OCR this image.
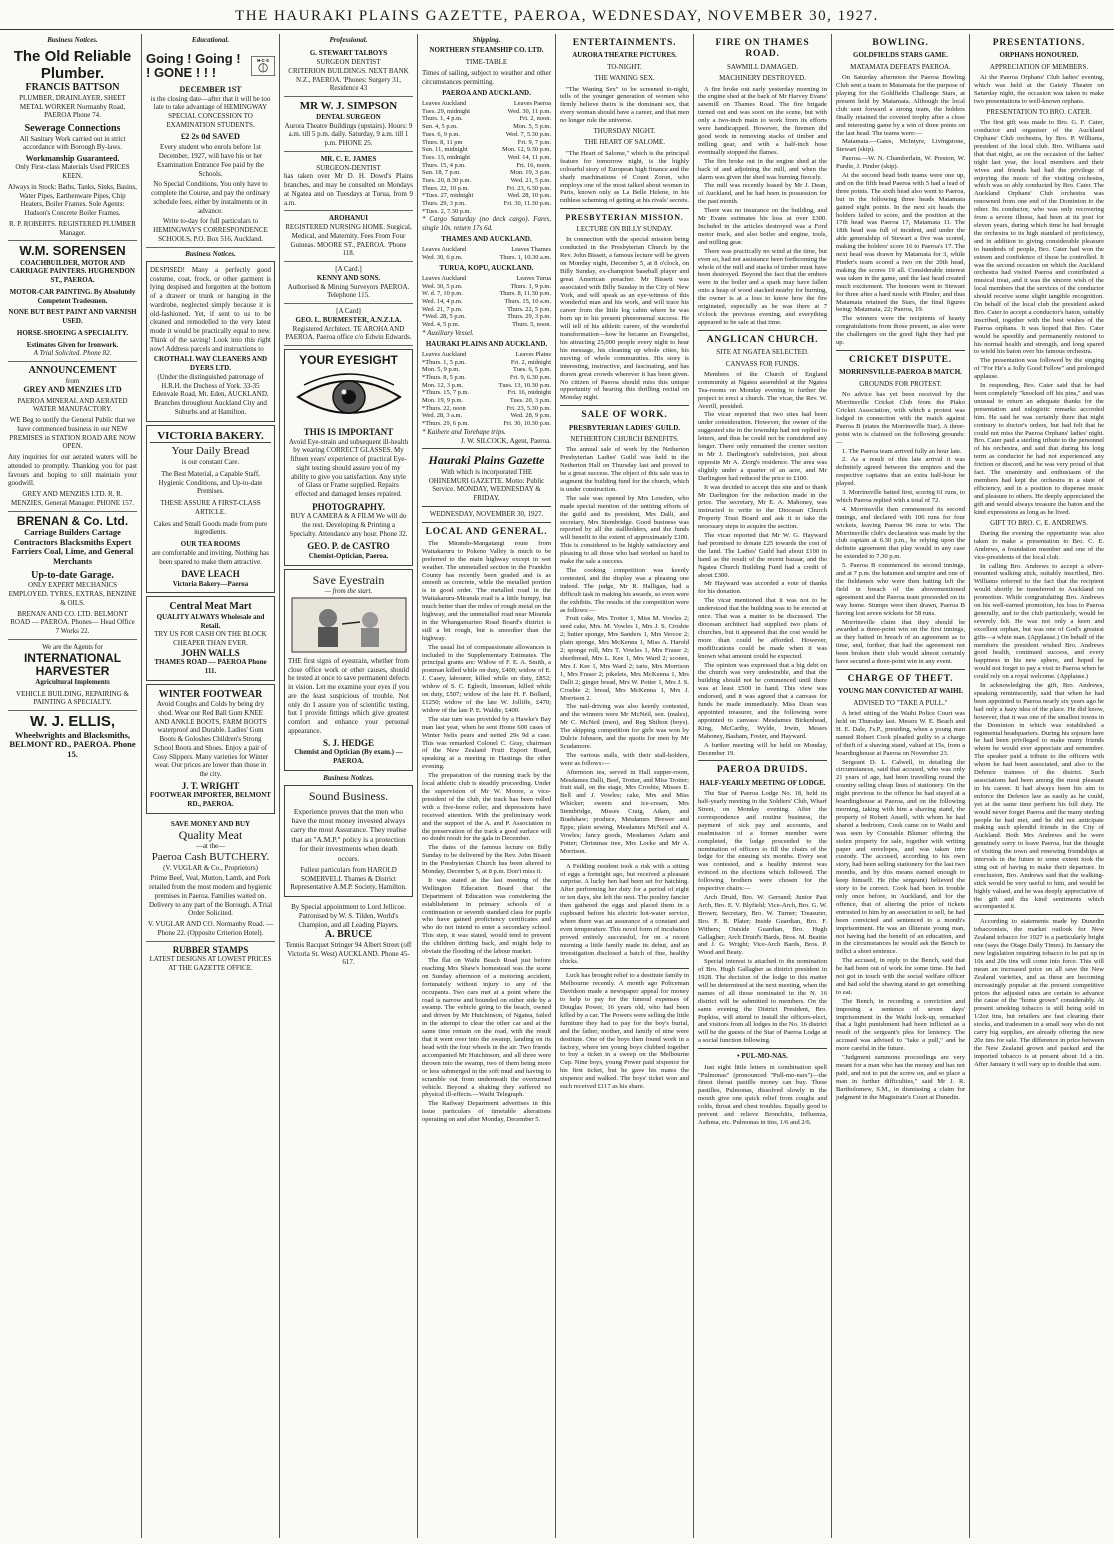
THE HAURAKI PLAINS GAZETTE, PAEROA, WEDNESDAY, NOVEMBER 30, 1927.
Business Notices.
The Old Reliable Plumber.
FRANCIS BATTSON
PLUMBER, DRAINLAYER, SHEET METAL WORKER Normanby Road, PAEROA Phone 74.
Sewerage Connections
All Sanitary Work carried out in strict accordance with Borough By-laws.
Workmanship Guaranteed.
Only First-class Materials Used PRICES KEEN.
Always in Stock: Baths, Tanks, Sinks, Basins, Water Pipes, Earthenware Pipes, Chip Heaters, Boiler Frames. Sole Agents: Hudson's Concrete Boiler Frames.
R. P. ROBERTS. REGISTERED PLUMBER Manager.
W.M. SORENSEN
COACHBUILDER, MOTOR AND CARRIAGE PAINTERS. HUGHENDON ST., PAEROA.
MOTOR-CAR PAINTING. By Absolutely Competent Tradesmen.
NONE BUT BEST PAINT AND VARNISH USED.
HORSE-SHOEING A SPECIALITY.
Estimates Given for Ironwork.
A Trial Solicited. Phone 82.
ANNOUNCEMENT
from
GREY AND MENZIES LTD
PAEROA MINERAL AND AERATED WATER MANUFACTORY.
WE Beg to notify the General Public that we have commenced business in our NEW PREMISES in STATION ROAD ARE NOW OPEN.
Any inquiries for our aerated waters will be attended to promptly. Thanking you for past favours and hoping to still maintain your goodwill.
GREY AND MENZIES LTD. R. R. MENZIES, General Manager. PHONE 157.
BRENAN & Co. Ltd.
Carriage Builders Cartage Contractors Blacksmiths Expert Farriers Coal, Lime, and General Merchants
Up-to-date Garage.
ONLY EXPERT MECHANICS EMPLOYED. TYRES, EXTRAS, BENZINE & OILS.
BRENAN AND CO. LTD. BELMONT ROAD — PAEROA. Phones— Head Office 7 Works 22.
We are the Agents for
INTERNATIONAL HARVESTER
Agricultural Implements
VEHICLE BUILDING, REPAIRING & PAINTING A SPECIALTY.
W. J. ELLIS,
Wheelwrights and Blacksmiths, BELMONT RD., PAEROA. Phone 15.
Educational.
Going ! Going ! ! GONE ! ! !
H·C·S
DECEMBER 1ST
is the closing date—after that it will be too late to take advantage of HEMINGWAY SPECIAL CONCESSION TO EXAMINATION STUDENTS.
£2 2s 0d SAVED
Every student who enrols before 1st December, 1927, will have his or her Examination Entrance Fee paid by the Schools.
No Special Conditions. You only have to complete the Course, and pay the ordinary schedule fees, either by instalments or in advance.
Write to-day for full particulars to HEMINGWAY'S CORRESPONDENCE SCHOOLS, P.O. Box 516, Auckland.
Business Notices.
DESPISED! Many a perfectly good costume, coat, frock, or other garment is lying despised and forgotten at the bottom of a drawer or trunk or hanging in the wardrobe, neglected simply because it is old-fashioned. Yet, if sent to us to be cleaned and remodelled to the very latest mode it would be practically equal to new. Think of the saving! Look into this right now! Address parcels and instructions to
CROTHALL WAY CLEANERS AND DYERS LTD.
(Under the distinguished patronage of H.R.H. the Duchess of York. 33-35 Edenvale Road, Mt. Eden, AUCKLAND. Branches throughout Auckland City and Suburbs and at Hamilton.
VICTORIA BAKERY.
Your Daily Bread
is our constant Care.
The Best Material, a Capable Staff, Hygienic Conditions, and Up-to-date Premises.
THESE ASSURE A FIRST-CLASS ARTICLE.
Cakes and Small Goods made from pure ingredients.
OUR TEA ROOMS
are comfortable and inviting. Nothing has been spared to make them attractive.
DAVE LEACH
Victoria Bakery—Paeroa
Central Meat Mart
QUALITY ALWAYS Wholesale and Retail.
TRY US FOR CASH ON THE BLOCK CHEAPER THAN EVER.
JOHN WALLS
THAMES ROAD — PAEROA Phone 111.
WINTER FOOTWEAR
Avoid Coughs and Colds by being dry shod. Wear our Red Ball Gum KNEE AND ANKLE BOOTS, FARM BOOTS waterproof and Durable. Ladies' Gum Boots & Goloshes Children's Strong School Boots and Shoes. Enjoy a pair of Cosy Slippers. Many varieties for Winter wear. Our prices are lower than those in the city.
J. T. WRIGHT
FOOTWEAR IMPORTER, BELMONT RD., PAEROA.
SAVE MONEY AND BUY
Quality Meat
—at the—
Paeroa Cash BUTCHERY.
(V. VUGLAR & Co., Proprietors)
Prime Beef, Veal, Mutton, Lamb, and Pork retailed from the most modern and hygienic premises in Paeroa. Families waited on. Delivery to any part of the Borough. A Trial Order Solicited.
V. VUGLAR AND CO. Normanby Road. — Phone 22. (Opposite Criterion Hotel).
RUBBER STAMPS
LATEST DESIGNS AT LOWEST PRICES AT THE GAZETTE OFFICE.
Professional.
G. STEWART TALBOYS
SURGEON DENTIST
CRITERION BUILDINGS. NEXT BANK N.Z., PAEROA. 'Phones: Surgery 31, Residence 43
MR W. J. SIMPSON
DENTAL SURGEON
Aurora Theatre Buildings (upstairs). Hours: 9 a.m. till 5 p.m. daily. Saturday, 9 a.m. till 1 p.m. PHONE 25.
MR. C. E. JAMES
SURGEON-DENTIST
has taken over Mr D. H. Dowd's Plains branches, and may be consulted on Mondays at Ngatea and on Tuesdays at Turua, from 9 a.m.
AROHANUI
REGISTERED NURSING HOME. Surgical, Medical, and Maternity. Fees From Four Guineas. MOORE ST., PAEROA. 'Phone 118.
[A Card.]
KENNY AND SONS.
Authorised & Mining Surveyors PAEROA. Telephone 115.
[A Card]
GEO. L. BURMESTER, A.N.Z.I.A.
Registered Architect. TE AROHA AND PAEROA. Paeroa office c/o Edwin Edwards.
YOUR EYESIGHT
THIS IS IMPORTANT
Avoid Eye-strain and subsequent ill-health by wearing CORRECT GLASSES. My fifteen years' experience of practical Eye-sight testing should assure you of my ability to give you satisfaction. Any style of Glass or Frame supplied. Repairs effected and damaged lenses repaired.
PHOTOGRAPHY.
BUY A CAMERA & A FILM We will do the rest. Developing & Printing a Specialty. Attendance any hour. Phone 32.
GEO. P. de CASTRO
Chemist-Optician, Paeroa.
Save Eyestrain
— from the start.
THE first signs of eyestrain, whether from close office work or other causes, should be tested at once to save permanent defects in vision. Let me examine your eyes if you are the least suspicious of trouble. Not only do I assure you of scientific testing, but I provide fittings which give greatest comfort and enhance your personal appearance.
S. J. HEDGE
Chemist and Optician (By exam.) — PAEROA.
Business Notices.
Sound Business.
Experience proves that the men who have the most money invested always carry the most Assurance. They realise that an "A.M.P." policy is a protection for their investments when death occurs.
Fullest particulars from HAROLD SOMERVELL Thames & District Representative A.M.P. Society, Hamilton.
By Special appointment to Lord Jellicoe. Patronised by W. S. Tilden, World's Champion, and all Leading Players.
A. BRUCE
Tennis Racquet Stringer 94 Albert Street (off Victoria St. West) AUCKLAND. Phone 45-617.
Shipping.
NORTHERN STEAMSHIP CO. LTD.
TIME-TABLE
Times of sailing, subject to weather and other circumstances permitting.
PAEROA AND AUCKLAND.
Leaves Auckland	Leaves Paeroa
Tues. 29, midnight	Wed. 30, 11 p.m.
Thurs. 1, 4 p.m.	Fri. 2, noon.
Sun. 4, 5 p.m.	Mon. 5, 5 p.m.
Tues. 6, 9 p.m.	Wed. 7, 5.30 p.m.
Thurs. 8, 11 pm	Fri. 9, 7 p.m.
Sun. 11, midnight	Mon. 12, 9.30 p.m.
Tues. 13, midnight	Wed. 14, 11 p.m.
Thurs. 15, 4 p.m.	Fri. 16, noon.
Sun. 18, 7 p.m.	Mon. 19, 3 p.m.
Tues. 20, 8.30 p.m.	Wed. 21, 5 p.m.
Thurs. 22, 10 p.m.	Fri. 23, 6.30 p.m.
*Tues. 27, midnight	Wed. 28, 10 p.m.
Thurs. 29, 3 p.m.	Fri. 30, 11.30 p.m.
*Tues. 2, 7.30 p.m.
* Cargo Saturday (no deck cargo). Fares, single 10s. return 17s 6d.
THAMES AND AUCKLAND.
Leaves Auckland	Leaves Thames
Wed. 30, 6 p.m.	Thurs. 1, 10.30 a.m.
TURUA, KOPU, AUCKLAND.
Leaves Auckland	Leaves Turua
Wed. 30, 5 p.m.	Thurs. 1, 9 p.m.
W. d. 7, 10 p.m.	Thurs. 8, 11.30 p.m.
Wed. 14, 4 p.m.	Thurs. 15, 10 a.m.
Wed. 21, 7 p.m.	Thurs. 22, 5 p.m.
*Wed. 28, 5 p.m.	Thurs. 29, 3 p.m.
Wed. 4, 5 p.m.	Thurs. 5, noon.
* Auxiliary Vessel.
HAURAKI PLAINS AND AUCKLAND.
Leaves Auckland	Leaves Plains
*Thurs. 1, 5 p.m.	Fri. 2, midnight
Mon. 5, 9 p.m.	Tues. 6, 5 p.m.
*Thurs. 8, 5 p.m.	Fri. 9, 6.30 p.m.
Mon. 12, 3 p.m.	Tues. 13, 10.30 p.m.
*Thurs. 15, 7 p.m.	Fri. 16, midnight
Mon. 19, 9 p.m.	Tues. 20, 3 p.m.
*Thurs. 22, noon	Fri. 23, 5.30 p.m.
Wed. 28, 3 a.m.	Wed. 28, 9 p.m.
*Thurs. 29, 6 p.m.	Fri. 30, 10.30 p.m.
* Kaihere and Torehape trips.
J. W. SILCOCK, Agent, Paeroa.
Hauraki Plains Gazette
With which is incorporated THE OHINEMURI GAZETTE. Motto: Public Service. MONDAY, WEDNESDAY & FRIDAY.
WEDNESDAY, NOVEMBER 30, 1927.
LOCAL AND GENERAL.

The Mirando-Mangatangi route from Waitakaruru to Pokeno Valley is much to be preferred to the main highway except in wet weather. The unmetalled section in the Franklin County has recently been graded and is as smooth as concrete, while the metalled portion is in good order. The metalled road in the Waitakaruru-Miranda road is a little bumpy, but much better than the miles of rough metal on the highway, and the unmetalled road near Miranda in the Whangamarino Road Board's district is still a bit rough, but is smoother than the highway.

The usual list of compassionate allowances is included in the Supplementary Estimates. The principal grants are: Widow of F. E. A. Smith, a postman killed while on duty, £400; widow of E. J. Casey, labourer, killed while on duty, £852; widow of S. C. Egleoli, linesman, killed while on duty, £507; widow of the late H. F. Bollard, £1250; widow of the late W. Jolliffe, £470; widow of the late P. E. Waldie, £400.

The star turn was provided by a Hawke's Bay man last year, when he sent Home 600 cases of Winter Nelis pears and netted 29s 9d a case. This was remarked Colonel C. Gray, chairman of the New Zealand Fruit Export Board, speaking at a meeting in Hastings the other evening.

The preparation of the running track by the local athletic club is steadily proceeding. Under the supervision of Mr W. Moore, a vice-president of the club, the track has been rolled with a five-horse roller, and depressions have received attention. With the preliminary work and the support of the A. and P. Association in the preservation of the track a good surface will no doubt result for the gala in December.

The dates of the famous lecture on Billy Sunday to be delivered by the Rev. John Bissett in the Presbyterian Church has been altered to Monday, December 5, at 8 p.m. Don't miss it.

It was stated at the last meeting of the Wellington Education Board that the Department of Education was considering the establishment in primary schools of a continuation or seventh standard class for pupils who have gained proficiency certificates and who do not intend to enter a secondary school. This step, it was stated, would tend to prevent the children drifting back, and might help to obviate the flooding of the labour market.

The flat on Waihi Beach Road just before reaching Mrs Shaw's homestead was the scene on Sunday afternoon of a motoring accident, fortunately without injury to any of the occupants. Two cars met at a point where the road is narrow and bounded on either side by a swamp. The vehicle going to the beach, owned and driven by Mr Hutchinson, of Ngatea, failed in the attempt to clear the other car and at the same time remain on the road, with the result that it went over into the swamp, landing on its head with the four wheels in the air. Two friends accompanied Mr Hutchinson, and all three were thrown into the swamp, two of them being more or less submerged in the soft mud and having to scramble out from underneath the overturned vehicle. Beyond a shaking they suffered no physical ill-effects.—Waihi Telegraph.

The Railway Department advertises in this issue particulars of timetable alterations operating on and after Monday, December 5.

ENTERTAINMENTS.
AURORA THEATRE PICTURES.
TO-NIGHT.
THE WANING SEX.

"The Waning Sex" to be screened to-night, tells of the younger generation of women who firmly believe theirs is the dominant sex, that every woman should have a career, and that men no longer rule the universe.

THURSDAY NIGHT.
THE HEART OF SALOME.

"The Heart of Salome," which is the principal feature for tomorrow night, is the highly colourful story of European high finance and the shady machinations of Count Zoron, who employs one of the most talked about women in Paris, known only as La Belle Helene, in his ruthless scheming of getting at his rivals' secrets.

PRESBYTERIAN MISSION.
LECTURE ON BILLY SUNDAY.

In connection with the special mission being conducted in the Presbyterian Church by the Rev. John Bissett, a famous lecture will be given on Monday night, December 5, at 8 o'clock, on Billy Sunday, ex-champion baseball player and great American preacher. Mr Bissett was associated with Billy Sunday in the City of New York, and will speak as an eye-witness of this wonderful man and his work, and will trace his career from the little log cabin where he was born up to his present phenomenal success. He will tell of his athletic career, of the wonderful transformation—how he became an Evangelist, his attracting 25,000 people every night to hear his message, his cleaning up whole cities, his moving of whole communities. His story is interesting, instructive, and fascinating, and has drawn great crowds wherever it has been given. No citizen of Paeroa should miss this unique opportunity of hearing this thrilling recital on Monday night.

SALE OF WORK.
PRESBYTERIAN LADIES' GUILD.
NETHERTON CHURCH BENEFITS.

The annual sale of work by the Netherton Presbyterian Ladies' Guild was held in the Netherton Hall on Thursday last and proved to be a great success. The object of this sale was to augment the building fund for the church, which is under construction.

The sale was opened by Mrs Lowden, who made special mention of the untiring efforts of the guild and its president, Mrs Dalli, and secretary, Mrs Stembridge. Good business was reported by all the stallholders, and the funds will benefit to the extent of approximately £100. This is considered to be highly satisfactory and pleasing to all those who had worked so hard to make the sale a success.

The cooking competition was keenly contested, and the display was a pleasing one indeed. The judge, Mr R. Halligan, had a difficult task in making his awards, so even were the exhibits. The results of the competition were as follows:—

Fruit cake, Mrs Trotter 1, Miss M. Vowles 2; seed cake, Mrs. M. Vowles 1, Mrs J. S. Crosbie 2; butter sponge, Mrs Sanders 1, Mrs Vercoe 2; plain sponge, Mrs McKenna 1, Miss A. Harold 2; sponge roll, Mrs T. Vowles 1, Mrs Fraser 2; shortbread, Mrs L. Kee 1, Mrs Ward 2; scones, Mrs J. Kee 1, Mrs Ward 2; tarts, Mrs Morrison 1, Mrs Fraser 2; pikelets, Mrs McKenna 1, Mrs Dalli 2; ginger bread, Mrs W. Potter 1, Mrs J. S. Crosbie 2; bread, Mrs McKenna 1, Mrs J. Morrison 2.

The nail-driving was also keenly contested, and the winners were Mr McNeil, sen. (males), Mr C. McNeil (men), and Reg Shilton (boys). The skipping competition for girls was won by Dulcie Johnson, and the quoits for men by Mr Scudamore.

The various stalls, with their stall-holders, were as follows:—

Afternoon tea, served in Hall supper-room, Mesdames Dalli, Beel, Trotter, and Miss Trotter; fruit stall, on the stage, Mrs Crosbie, Misses E. Bell and J. Vowles; cake, Mrs and Miss Whicker; sweets and ice-cream, Mrs Stembridge, Misses Craig, Adam, and Bradshaw; produce, Mesdames Brewer and Epps; plain sewing, Mesdames McNeil and A. Vowles; fancy goods, Mesdames Adam and Potter; Christmas tree, Mrs Locke and Mr A. Morrison.

A Feilding resident took a risk with a sitting of eggs a fortnight ago, but received a pleasant surprise. A lucky hen had been set for hatching. After performing her duty for a period of eight or ten days, she left the nest. The poultry fancier then gathered the eggs and placed them in a cupboard before his electric hot-water service, where there was an assurance of a constant and even temperature. This novel form of incubation proved entirely successful, for on a recent morning a little family made its debut, and an investigation disclosed a batch of fine, healthy chicks.

Luck has brought relief to a destitute family in Melbourne recently. A month ago Policeman Davidson made a newspaper appeal for money to help to pay for the funeral expenses of Douglas Power, 16 years old, who had been killed by a car. The Powers were selling the little furniture they had to pay for the boy's burial, and the father, mother, and family of nine were destitute. One of the boys then found work in a factory, where ten young boys clubbed together to buy a ticket in a sweep on the Melbourne Cup. Nine boys, young Power paid sixpence for his first ticket, but he gave his mates the sixpence and walked. The boys' ticket won and each received £117 as his share.

FIRE ON THAMES ROAD.
SAWMILL DAMAGED.
MACHINERY DESTROYED.

A fire broke out early yesterday morning in the engine shed at the back of Mr Harvey Evans' sawmill on Thames Road. The fire brigade turned out and was soon on the scene, but with only a two-inch main to work from its efforts were handicapped. However, the firemen did good work in removing stacks of timber and milling gear, and with a half-inch hose eventually stopped the flames.

The fire broke out in the engine shed at the back of and adjoining the mill, and when the alarm was given the shed was burning fiercely.

The mill was recently leased by Mr J. Dean, of Auckland, and he had been in possession for the past month.

There was no insurance on the building, and Mr Evans estimates his loss at over £300. Included in the articles destroyed was a Ford motor truck, and also boiler and engine, tools, and milling gear.

There was practically no wind at the time, but even so, had not assistance been forthcoming the whole of the mill and stacks of timber must have been destroyed. Beyond the fact that the embers were in the boiler and a spark may have fallen onto a heap of wood stacked nearby for burning, the owner is at a loss to know how the fire originated, especially as he was there at 7 o'clock the previous evening, and everything appeared to be safe at that time.

ANGLICAN CHURCH.
SITE AT NGATEA SELECTED.
CANVASS FOR FUNDS.

Members of the Church of England community at Ngatea assembled at the Ngatea Tea-rooms on Monday evening to further the project to erect a church. The vicar, the Rev. W. Averill, presided.

The vicar reported that two sites had been under consideration. However, the owner of the suggested site in the township had not replied to letters, and thus he could not be considered any longer. There only remained the corner section in Mr J. Darlington's subdivision, just about opposite Mr A. Ziorg's residence. The area was slightly under a quarter of an acre, and Mr Darlington had reduced the price to £100.

It was decided to accept this site and to thank Mr Darlington for the reduction made in the price. The secretary, Mr E. A. Mahoney, was instructed to write to the Diocesan Church Property Trust Board and ask it to take the necessary steps to acquire the section.

The vicar reported that Mr W. G. Hayward had promised to donate £25 towards the cost of the land. The Ladies' Guild had about £100 in hand as the result of the recent bazaar, and the Ngatea Church Building Fund had a credit of about £300.

Mr Hayward was accorded a vote of thanks for his donation.

The vicar mentioned that it was not to be understood that the building was to be erected at once. That was a matter to be discussed. The diocesan architect had supplied two plans of churches, but it appeared that the cost would be more than could be afforded. However, modifications could be made when it was known what amount could be expected.

The opinion was expressed that a big debt on the church was very undesirable, and that the building should not be commenced until there was at least £500 in hand. This view was endorsed, and it was agreed that a canvass for funds be made immediately. Miss Dean was appointed treasurer, and the following were appointed to canvass: Mesdames Birkenhead, King, McCarthy, Wylde, Irwin, Messrs Mahoney, Basham, Foster, and Hayward.

A further meeting will be held on Monday, December 19.

PAEROA DRUIDS.
HALF-YEARLY MEETING OF LODGE.

The Star of Paeroa Lodge No. 18, held its half-yearly meeting in the Soldiers' Club, Wharf Street, on Monday evening. After the correspondence and routine business, the payment of sick pay and accounts, and readmission of a former member were completed, the lodge proceeded to the nomination of officers to fill the chairs of the lodge for the ensuing six months. Every seat was contested, and a healthy interest was evinced in the elections which followed. The following brothers were chosen for the respective chairs:—

Arch Druid, Bro. W. Gerrand; Junior Past Arch, Bro. E. V. Blyfield; Vice-Arch, Bro. G. W. Brown; Secretary, Bro. W. Turner; Treasurer, Bro. F. B. Plater; Inside Guardian, Bro. F. Withers; Outside Guardian, Bro. Hugh Gallagher; Arch Druid's Bards, Bros. M. Beattie and J. G. Wright; Vice-Arch Bards, Bros. P. Wood and Beaty.

Special interest is attached to the nomination of Bro. Hugh Gallagher as district president in 1928. The decision of the lodge in this matter will be determined at the next meeting, when the names of all those nominated in the N. 16 district will be submitted to members. On the same evening the District President, Bro. Popkiss, will attend to install the officers-elect, and visitors from all lodges in the No. 16 district will be the guests of the Star of Paeroa Lodge at a social function following.

• PUL-MO-NAS.

Just eight little letters in combination spell "Pulmonas" (pronounced "Pull-mo-nars")—the finest throat pastille money can buy. These pastilles, Pulmonas, dissolved slowly in the mouth give one quick relief from coughs and colds, throat and chest troubles. Equally good to prevent and relieve Bronchitis, Influenza, Asthma, etc. Pulmonas in tins, 1/6 and 2/6.

BOWLING.
GOLDFIELDS STARS GAME.
MATAMATA DEFEATS PAEROA.

On Saturday afternoon the Paeroa Bowling Club sent a team to Matamata for the purpose of playing for the Goldfields Challenge Stars, at present held by Matamata. Although the local club sent forward a strong team, the holders finally retained the coveted trophy after a close and interesting game by a win of three points on the last head. The teams were:—

Matamata.—Gates, McIntyre, Livingstone, Stewart (skip).

Paeroa.—W. N. Chamberlain, W. Preston, W. Purdie, J. Pinder (skip).

At the second head both teams were one up, and on the fifth head Paeroa with 5 had a lead of three points. The sixth head also went to Paeroa, but in the following three heads Matamata gained eight points. In the next six heads the holders failed to score, and the position at the 17th head was Paeroa 17, Matamata 11. The 18th head was full of incident, and under the able generalship of Stewart a five was scored, making the holders' score 16 to Paeroa's 17. The next head was drawn by Matamata for 3, while Pinder's team scored a two on the 20th head, making the scores 19 all. Considerable interest was taken in the game, and the last head created much excitement. The honours went to Stewart for three after a hard tussle with Pinder, and thus Matamata retained the Stars, the final figures being: Matamata, 22; Paeroa, 19.

The winners were the recipients of hearty congratulations from those present, as also were the challengers on the good fight they had put up.

CRICKET DISPUTE.
MORRINSVILLE-PAEROA B MATCH.
GROUNDS FOR PROTEST.

No advice has yet been received by the Morrinsville Cricket Club from the Piako Cricket Association, with which a protest was lodged in connection with the match against Paeroa B (states the Morrinsville Star). A three-point win is claimed on the following grounds:—

1. The Paeroa team arrived fully an hour late.

2. As a result of this late arrival it was definitely agreed between the umpires and the respective captains that an extra half-hour be played.

3. Morrinsville batted first, scoring 61 runs, to which Paeroa replied with a total of 72.

4. Morrinsville then commenced its second innings, and declared with 106 runs for four wickets, leaving Paeroa 96 runs to win. The Morrinsville club's declaration was made by the club captain at 6.30 p.m., he relying upon the definite agreement that play would in any case be extended to 7.30 p.m.

5. Paeroa B commenced its second innings, and at 7 p.m. the batsmen and umpire and one of the fieldsmen who were then batting left the field in breach of the abovementioned agreement and the Paeroa team proceeded on its way home. Stumps were then drawn, Paeroa B having lost seven wickets for 58 runs.

Morrinsville claim that they should be awarded a three-point win on the first innings, as they batted in breach of an agreement as to time, and, further, that had the agreement not been broken their club would almost certainly have secured a three-point win in any event.

CHARGE OF THEFT.
YOUNG MAN CONVICTED AT WAIHI.
ADVISED TO "TAKE A PULL."

A brief sitting of the Waihi Police Court was held on Thursday last. Messrs W. E. Beach and H. E. Dale, J's.P., presiding, when a young man named Robert Cook pleaded guilty to a charge of theft of a shaving stand, valued at 15s, from a boardinghouse at Paeroa on November 23.

Sergeant D. L. Calwell, in detailing the circumstances, said that accused, who was only 21 years of age, had been travelling round the country selling cheap lines of stationery. On the night previous to the offence he had stayed at a boardinghouse at Paeroa, and on the following morning, taking with him a shaving stand, the property of Robert Ansell, with whom he had shared a bedroom, Cook came on to Waihi and was seen by Constable Blumer offering the stolen property for sale, together with writing paper and envelopes, and was taken into custody. The accused, according to his own story, had been selling stationery for the last two months, and by this means earned enough to keep himself. He (the sergeant) believed the story to be correct. Cook had been in trouble only once before, in Auckland, and for the offence, that of altering the price of tickets entrusted to him by an association to sell, he had been convicted and sentenced to a month's imprisonment. He was an illiterate young man, not having had the benefit of an education, and in the circumstances he would ask the Bench to inflict a short sentence.

The accused, in reply to the Bench, said that he had been out of work for some time. He had not got in touch with the social welfare officer and had sold the shaving stand to get something to eat.

The Bench, in recording a conviction and imposing a sentence of seven days' imprisonment in the Waihi lock-up, remarked that a light punishment had been inflicted as a result of the sergeant's plea for leniency. The accused was advised to "take a pull," and be more careful in the future.

"Judgment summons proceedings are very meant for a man who has the money and has not paid, and not to put the screw on, and so place a man in further difficulties," said Mr J. R. Bartholomew, S.M., in dismissing a claim for judgment in the Magistrate's Court at Dunedin.

PRESENTATIONS.
ORPHANS HONOURED.
APPRECIATION OF MEMBERS.

At the Paeroa Orphans' Club ladies' evening, which was held at the Gaiety Theatre on Saturday night, the occasion was taken to make two presentations to well-known orphans.

PRESENTATION TO BRO. CATER.

The first gift was made to Bro. G. F. Cater, conductor and organiser of the Auckland Orphans' Club orchestra, by Bro. P. Williams, president of the local club. Bro. Williams said that that night, as on the occasion of the ladies' night last year, the local members and their wives and friends had had the privilege of enjoying the music of the visiting orchestra, which was so ably conducted by Bro. Cater. The Auckland Orphans' Club orchestra was renowned from one end of the Dominion to the other. Its conductor, who was only recovering from a severe illness, had been at its post for eleven years, during which time he had brought the orchestra to its high standard of proficiency, and in addition to giving considerable pleasure to hundreds of people, Bro. Cater had won the esteem and confidence of those he controlled. It was the second occasion on which the Auckland orchestra had visited Paeroa and contributed a musical treat, and it was the sincere wish of the local members that the services of the conductor should receive some slight tangible recognition. On behalf of the local club the president asked Bro. Cater to accept a conductor's baton, suitably inscribed, together with the best wishes of the Paeroa orphans. It was hoped that Bro. Cater would be speedily and permanently restored to his normal health and strength, and long spared to wield his baton over his famous orchestra.

The presentation was followed by the singing of "For He's a Jolly Good Fellow" and prolonged applause.

In responding, Bro. Cater said that he had been completely "knocked off his pins," and was unusual to return an adequate thanks for the presentation and eulogistic remarks accorded him. He said he was certainly there that night contrary to doctor's orders, but had felt that he could not miss the Paeroa Orphans' ladies' night. Bro. Cater paid a sterling tribute to the personnel of his orchestra, and said that during his long term as conductor he had not experienced any friction or discord, and he was very proud of that fact. The unanimity and enthusiasm of the members had kept the orchestra in a state of efficiency, and in a position to dispense music and pleasure to others. He deeply appreciated the gift and would always treasure the baton and the kind expressions as long as he lived.

GIFT TO BRO. C. E. ANDREWS.

During the evening the opportunity was also taken to make a presentation to Bro. C. E. Andrews, a foundation member and one of the vice-presidents of the local club.

In calling Bro. Andrews to accept a silver-mounted walking stick, suitably inscribed, Bro. Williams referred to the fact that the recipient would shortly be transferred to Auckland on promotion. While congratulating Bro. Andrews on his well-earned promotion, his loss to Paeroa generally, and to the club particularly, would be severely felt. He was not only a keen and excellent orphan, but was one of God's greatest gifts—a white man. (Applause.) On behalf of the members the president wished Bro. Andrews good health, continued success, and every happiness in his new sphere, and hoped he would not forget to pay a visit to Paeroa when he could rely on a royal welcome. (Applause.)

In acknowledging the gift, Bro. Andrews, speaking reminiscently, said that when he had been appointed to Paeroa nearly six years ago he had only a hazy idea of the place. He did know, however, that it was one of the smallest towns in the Dominion in which was established a regimental headquarters. During his sojourn here he had been privileged to make many friends whom he would ever appreciate and remember. The speaker paid a tribute to the officers with whom he had been associated, and also to the Defence trainees of the district. Such associations had been among the most pleasant in his career. It had always been his aim to enforce the Defence law as easily as he could, yet at the same time perform his full duty. He would never forget Paeroa and the many sterling people he had met, and he did not anticipate making such splendid friends in the City of Auckland. Both Mrs Andrews and he were genuinely sorry to leave Paeroa, but the thought of visiting the town and renewing friendships at intervals in the future to some extent took the sting out of having to make their departure. In conclusion, Bro. Andrews said that the walking-stick would be very useful to him, and would be highly valued, and he was deeply appreciative of the gift and the kind sentiments which accompanied it.

According to statements made by Dunedin tobacconists, the market outlook for New Zealand tobacco for 1927 is a particularly bright one (says the Otago Daily Times). In January the new legislation requiring tobacco to be put up in 10s and 20s tins will come into force. This will mean an increased price on all save the New Zealand varieties, and as these are becoming increasingly popular at the present competitive prices the adjusted rates are certain to advance the cause of the "home grown" considerably. At present smoking tobacco is still being sold in 1/2oz tins, but retailers are fast clearing their stocks, and tradesmen in a small way who do not carry big supplies, are already offering the new 20z tins for sale. The difference in price between the New Zealand grown and packed and the imported tobacco is at present about 1d a tin. After January it will vary up to double that sum.
